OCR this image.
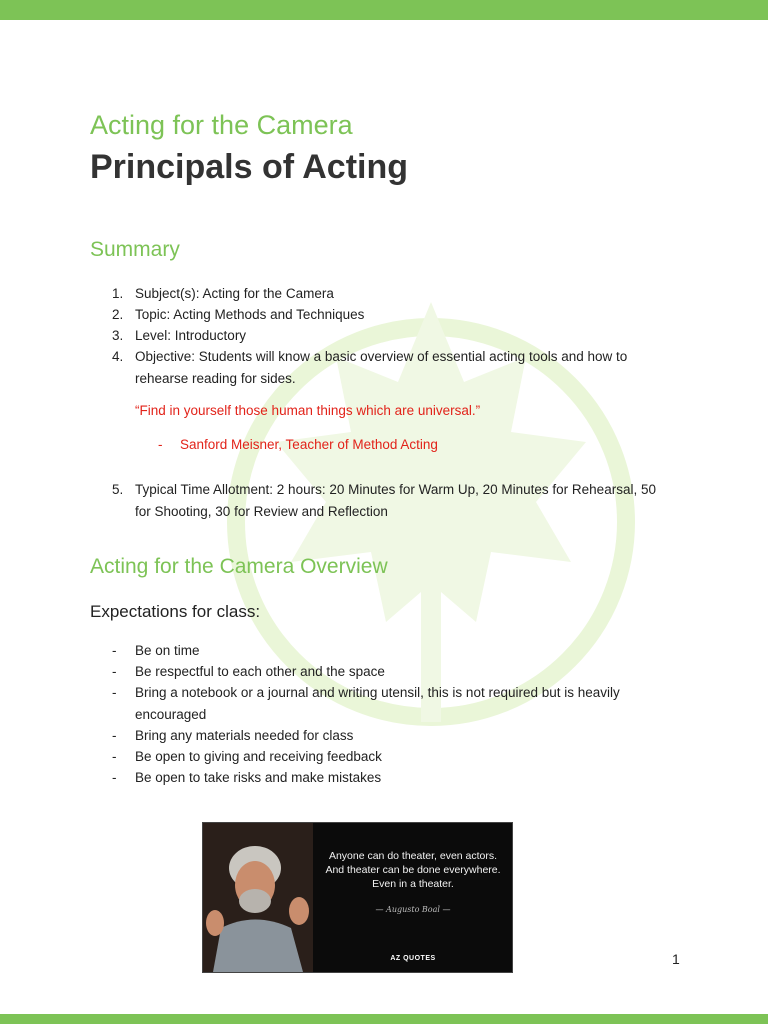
Acting for the Camera
Principals of Acting
Summary
1. Subject(s): Acting for the Camera
2. Topic: Acting Methods and Techniques
3. Level: Introductory
4. Objective: Students will know a basic overview of essential acting tools and how to rehearse reading for sides.
“Find in yourself those human things which are universal.”
- Sanford Meisner, Teacher of Method Acting
5. Typical Time Allotment: 2 hours: 20 Minutes for Warm Up, 20 Minutes for Rehearsal, 50 for Shooting, 30 for Review and Reflection
Acting for the Camera Overview
Expectations for class:
- Be on time
- Be respectful to each other and the space
- Bring a notebook or a journal and writing utensil, this is not required but is heavily encouraged
- Bring any materials needed for class
- Be open to giving and receiving feedback
- Be open to take risks and make mistakes
Anyone can do theater, even actors. And theater can be done everywhere. Even in a theater.
— Augusto Boal —
AZ QUOTES	1
